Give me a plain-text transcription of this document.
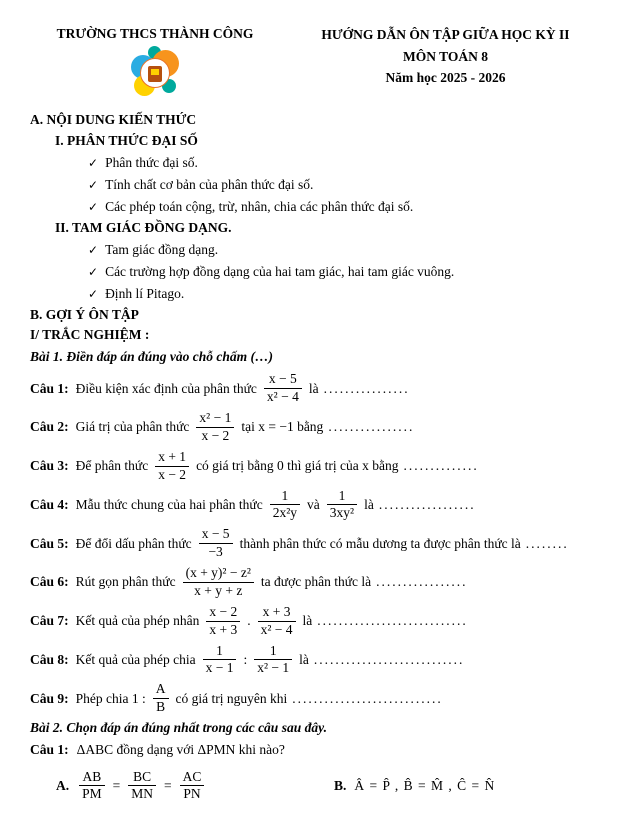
TRƯỜNG THCS THÀNH CÔNG	HƯỚNG DẪN ÔN TẬP GIỮA HỌC KỲ II
MÔN TOÁN 8
Năm học 2025 - 2026
A. NỘI DUNG KIẾN THỨC
I. PHÂN THỨC ĐẠI SỐ
✓ Phân thức đại số.
✓ Tính chất cơ bản của phân thức đại số.
✓ Các phép toán cộng, trừ, nhân, chia các phân thức đại số.
II. TAM GIÁC ĐỒNG DẠNG.
✓ Tam giác đồng dạng.
✓ Các trường hợp đồng dạng của hai tam giác, hai tam giác vuông.
✓ Định lí Pitago.
B. GỢI Ý ÔN TẬP
I/ TRẮC NGHIỆM :
Bài 1. Điền đáp án đúng vào chỗ chấm (…)
Câu 1: Điều kiện xác định của phân thức $\frac{x - 5}{\text{x² − 4}}$ là ................
Câu 2: Giá trị của phân thức $\frac{\text{x² − 1}}{x - 2}$ tại x = −1 bằng ................
Câu 3: Để phân thức $\frac{x + 1}{x - 2}$ có giá trị bằng 0 thì giá trị của x bằng ..............
Câu 4: Mẫu thức chung của hai phân thức $\frac{1}{\text{2x²y}}$ và $\frac{1}{\text{3xy²}}$ là ..................
Câu 5: Để đổi dấu phân thức $\frac{x - 5}{-3}$ thành phân thức có mẫu dương ta được phân thức là ........
Câu 6: Rút gọn phân thức $\frac{\text{(x + y)² − z²}}{x + y + z}$ ta được phân thức là .................
Câu 7: Kết quả của phép nhân $\frac{x - 2}{x + 3}$ . $\frac{x + 3}{\text{x² − 4}}$ là ............................
Câu 8: Kết quả của phép chia $\frac{1}{x - 1}$ : $\frac{1}{\text{x² − 1}}$ là ............................
Câu 9: Phép chia 1 : $\frac{A}{B}$ có giá trị nguyên khi ............................
Bài 2. Chọn đáp án đúng nhất trong các câu sau đây.
Câu 1: ΔABC đồng dạng với ΔPMN khi nào?
A. $\frac{AB}{PM} = \frac{BC}{MN} = \frac{AC}{PN}$	B. Â = P̂ , B̂ = M̂ , Ĉ = N̂
